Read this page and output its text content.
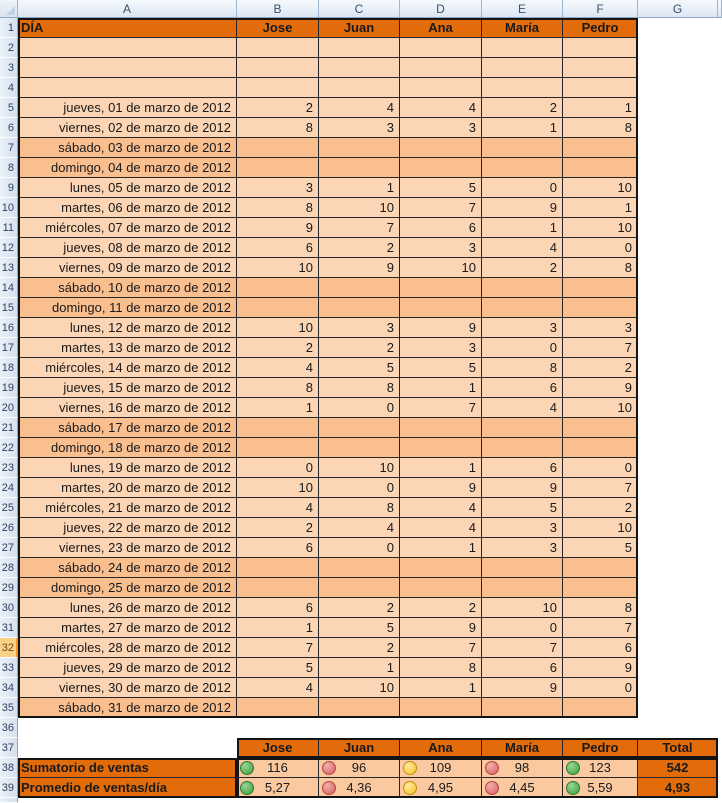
A	B	C	D	E	F	G
1 DÍA	Jose	Juan	Ana	María	Pedro
2
3
4
5	jueves, 01 de marzo de 2012	2	4	4	2	1
6	viernes, 02 de marzo de 2012	8	3	3	1	8
7	sábado, 03 de marzo de 2012
8	domingo, 04 de marzo de 2012
9	lunes, 05 de marzo de 2012	3	1	5	0	10
10	martes, 06 de marzo de 2012	8	10	7	9	1
11	miércoles, 07 de marzo de 2012	9	7	6	1	10
12	jueves, 08 de marzo de 2012	6	2	3	4	0
13	viernes, 09 de marzo de 2012	10	9	10	2	8
14	sábado, 10 de marzo de 2012
15	domingo, 11 de marzo de 2012
16	lunes, 12 de marzo de 2012	10	3	9	3	3
17	martes, 13 de marzo de 2012	2	2	3	0	7
18	miércoles, 14 de marzo de 2012	4	5	5	8	2
19	jueves, 15 de marzo de 2012	8	8	1	6	9
20	viernes, 16 de marzo de 2012	1	0	7	4	10
21	sábado, 17 de marzo de 2012
22	domingo, 18 de marzo de 2012
23	lunes, 19 de marzo de 2012	0	10	1	6	0
24	martes, 20 de marzo de 2012	10	0	9	9	7
25	miércoles, 21 de marzo de 2012	4	8	4	5	2
26	jueves, 22 de marzo de 2012	2	4	4	3	10
27	viernes, 23 de marzo de 2012	6	0	1	3	5
28	sábado, 24 de marzo de 2012
29	domingo, 25 de marzo de 2012
30	lunes, 26 de marzo de 2012	6	2	2	10	8
31	martes, 27 de marzo de 2012	1	5	9	0	7
32	miércoles, 28 de marzo de 2012	7	2	7	7	6
33	jueves, 29 de marzo de 2012	5	1	8	6	9
34	viernes, 30 de marzo de 2012	4	10	1	9	0
35	sábado, 31 de marzo de 2012
36
37	Jose	Juan	Ana	María	Pedro	Total
38 Sumatorio de ventas	116	96	109	98	123	542
39 Promedio de ventas/día	5,27	4,36	4,95	4,45	5,59	4,93
